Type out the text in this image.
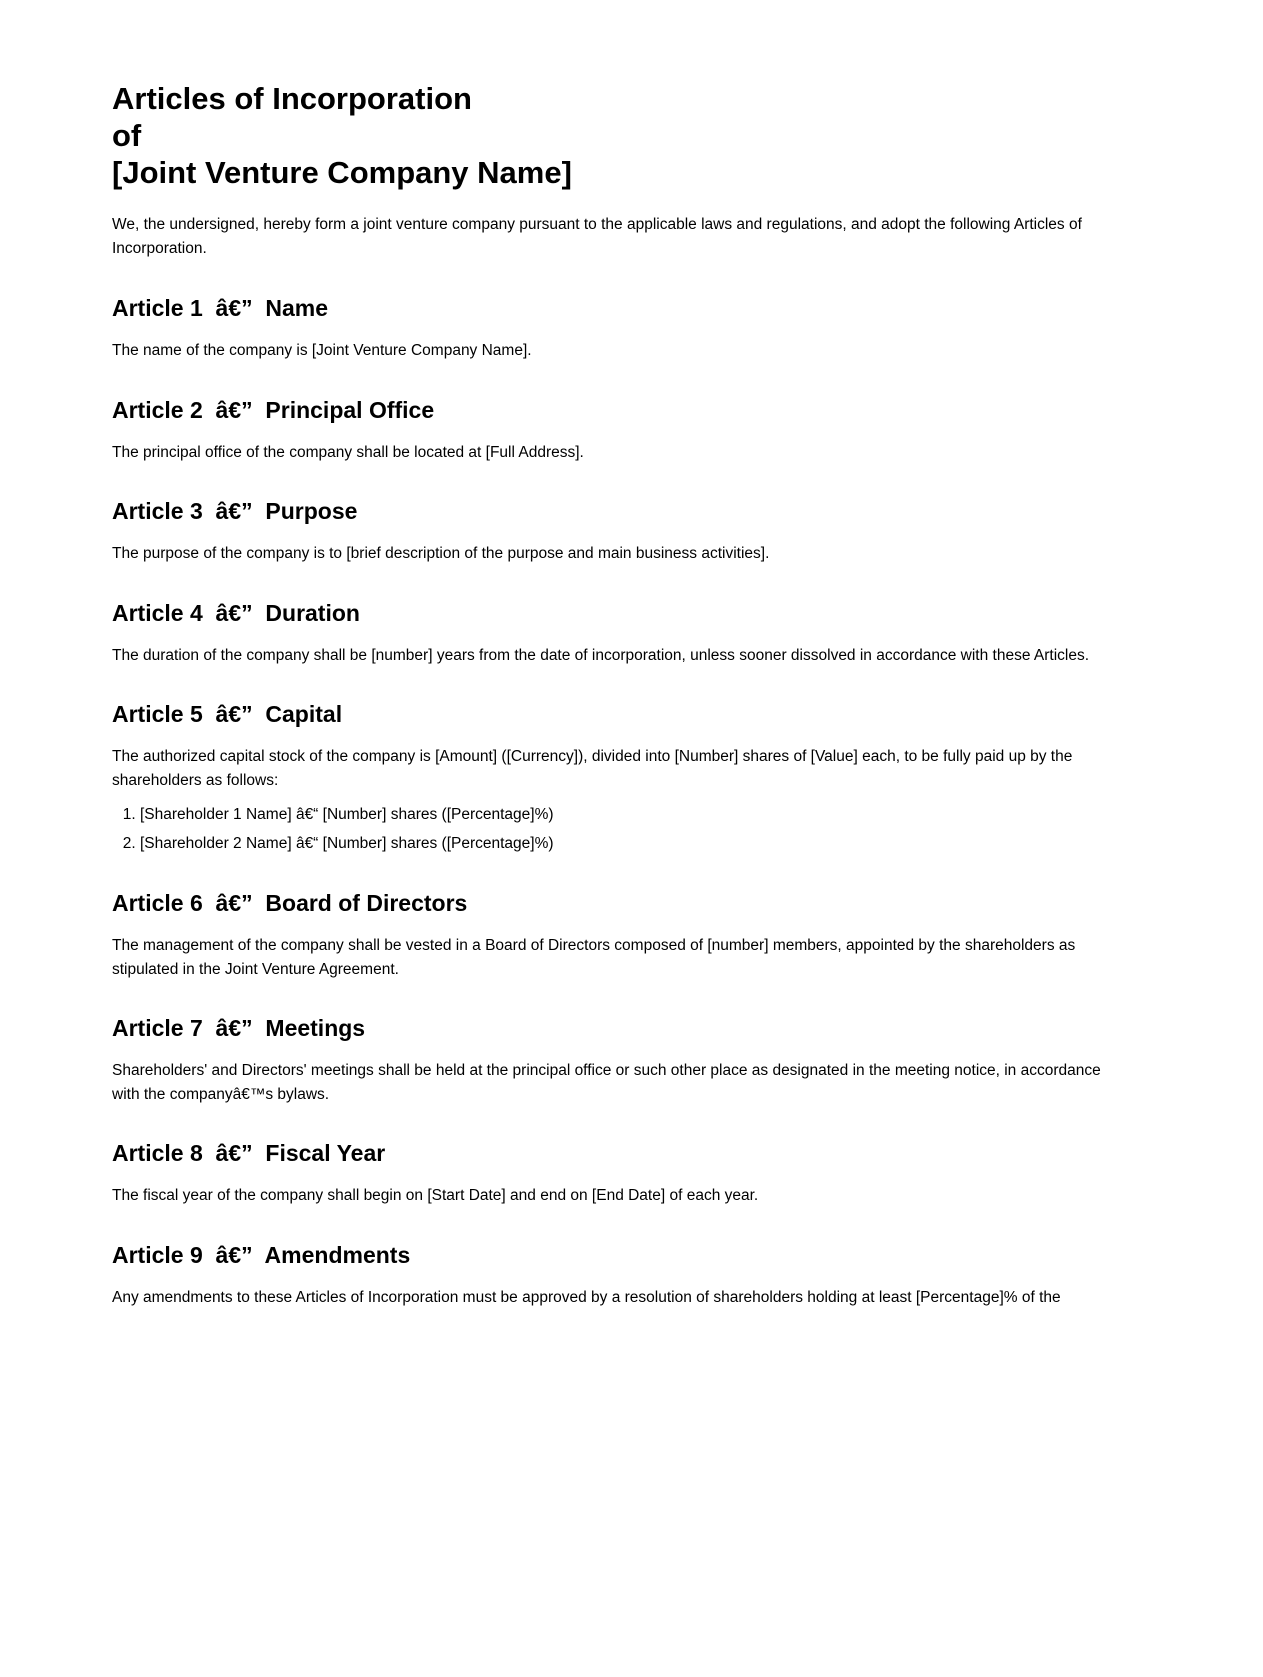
Articles of Incorporation
of
[Joint Venture Company Name]

We, the undersigned, hereby form a joint venture company pursuant to the applicable laws and regulations, and adopt the following Articles of Incorporation.

Article 1  â€”  Name

The name of the company is [Joint Venture Company Name].

Article 2  â€”  Principal Office

The principal office of the company shall be located at [Full Address].

Article 3  â€”  Purpose

The purpose of the company is to [brief description of the purpose and main business activities].

Article 4  â€”  Duration

The duration of the company shall be [number] years from the date of incorporation, unless sooner dissolved in accordance with these Articles.

Article 5  â€”  Capital

The authorized capital stock of the company is [Amount] ([Currency]), divided into [Number] shares of [Value] each, to be fully paid up by the shareholders as follows:

1. [Shareholder 1 Name] â€“ [Number] shares ([Percentage]%)
2. [Shareholder 2 Name] â€“ [Number] shares ([Percentage]%)
Article 6  â€”  Board of Directors

The management of the company shall be vested in a Board of Directors composed of [number] members, appointed by the shareholders as stipulated in the Joint Venture Agreement.

Article 7  â€”  Meetings

Shareholders' and Directors' meetings shall be held at the principal office or such other place as designated in the meeting notice, in accordance with the companyâ€™s bylaws.

Article 8  â€”  Fiscal Year

The fiscal year of the company shall begin on [Start Date] and end on [End Date] of each year.

Article 9  â€”  Amendments

Any amendments to these Articles of Incorporation must be approved by a resolution of shareholders holding at least [Percentage]% of the
